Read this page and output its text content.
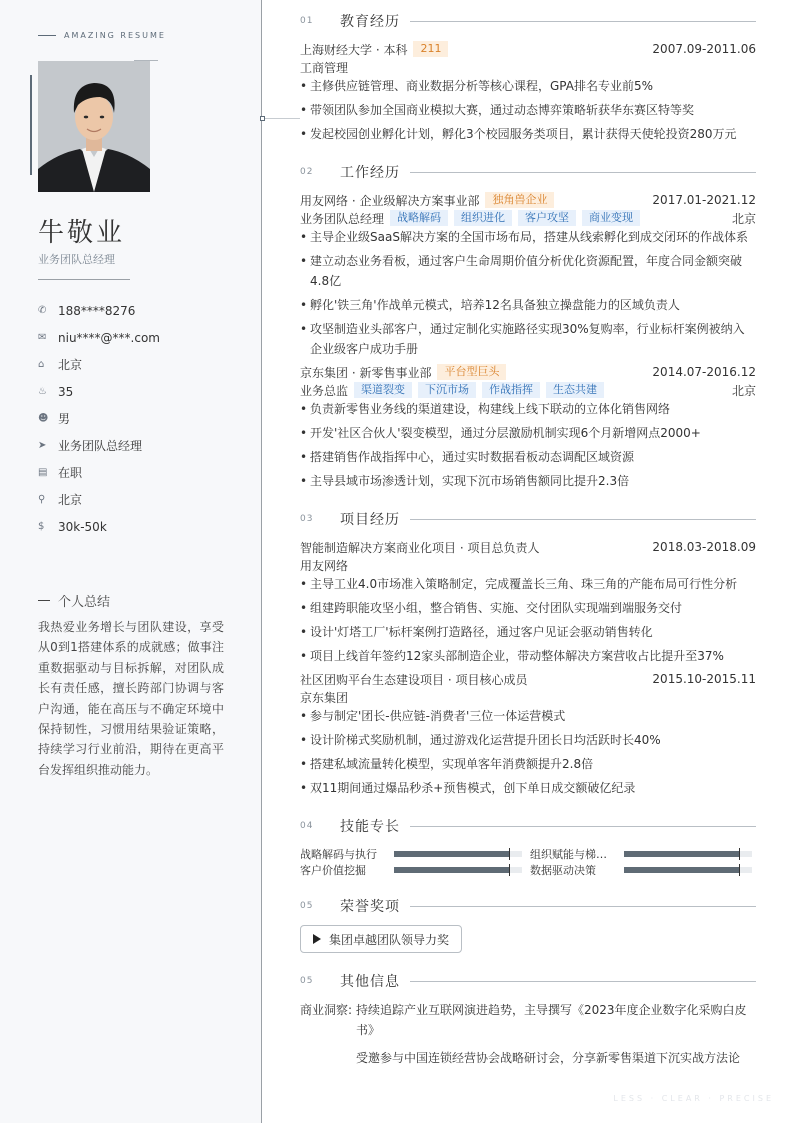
AMAZING RESUME
牛敬业
业务团队总经理
✆ 188****8276
✉ niu****@***.com
⌂	北京
♨ 35
☻ 男
➤ 业务团队总经理
▤ 在职
⚲	北京
$	30k-50k
个人总结
我热爱业务增长与团队建设，享受从0到1搭建体系的成就感；做事注重数据驱动与目标拆解，对团队成长有责任感，擅长跨部门协调与客户沟通，能在高压与不确定环境中保持韧性，习惯用结果验证策略，持续学习行业前沿，期待在更高平台发挥组织推动能力。
01	教育经历
上海财经大学 · 本科	211	2007.09-2011.06
工商管理
• 主修供应链管理、商业数据分析等核心课程，GPA排名专业前5%
• 带领团队参加全国商业模拟大赛，通过动态博弈策略斩获华东赛区特等奖
• 发起校园创业孵化计划，孵化3个校园服务类项目，累计获得天使轮投资280万元
02	工作经历
用友网络 · 企业级解决方案事业部	独角兽企业	2017.01-2021.12
业务团队总经理	战略解码	组织进化	客户攻坚	商业变现	北京
• 主导企业级SaaS解决方案的全国市场布局，搭建从线索孵化到成交闭环的作战体系
• 建立动态业务看板，通过客户生命周期价值分析优化资源配置，年度合同金额突破4.8亿
• 孵化'铁三角'作战单元模式，培养12名具备独立操盘能力的区域负责人
• 攻坚制造业头部客户，通过定制化实施路径实现30%复购率，行业标杆案例被纳入企业级客户成功手册
京东集团 · 新零售事业部	平台型巨头	2014.07-2016.12
业务总监	渠道裂变	下沉市场	作战指挥	生态共建	北京
• 负责新零售业务线的渠道建设，构建线上线下联动的立体化销售网络
• 开发'社区合伙人'裂变模型，通过分层激励机制实现6个月新增网点2000+
• 搭建销售作战指挥中心，通过实时数据看板动态调配区域资源
• 主导县域市场渗透计划，实现下沉市场销售额同比提升2.3倍
03	项目经历
智能制造解决方案商业化项目 · 项目总负责人	2018.03-2018.09
用友网络
• 主导工业4.0市场准入策略制定，完成覆盖长三角、珠三角的产能布局可行性分析
• 组建跨职能攻坚小组，整合销售、实施、交付团队实现端到端服务交付
• 设计'灯塔工厂'标杆案例打造路径，通过客户见证会驱动销售转化
• 项目上线首年签约12家头部制造企业，带动整体解决方案营收占比提升至37%
社区团购平台生态建设项目 · 项目核心成员	2015.10-2015.11
京东集团
• 参与制定'团长-供应链-消费者'三位一体运营模式
• 设计阶梯式奖励机制，通过游戏化运营提升团长日均活跃时长40%
• 搭建私域流量转化模型，实现单客年消费额提升2.8倍
• 双11期间通过爆品秒杀+预售模式，创下单日成交额破亿纪录
04	技能专长
战略解码与执行	组织赋能与梯…
客户价值挖掘	数据驱动决策
05	荣誉奖项
集团卓越团队领导力奖
05	其他信息
商业洞察: 持续追踪产业互联网演进趋势，主导撰写《2023年度企业数字化采购白皮书》
受邀参与中国连锁经营协会战略研讨会，分享新零售渠道下沉实战方法论
LESS · CLEAR · PRECISE
